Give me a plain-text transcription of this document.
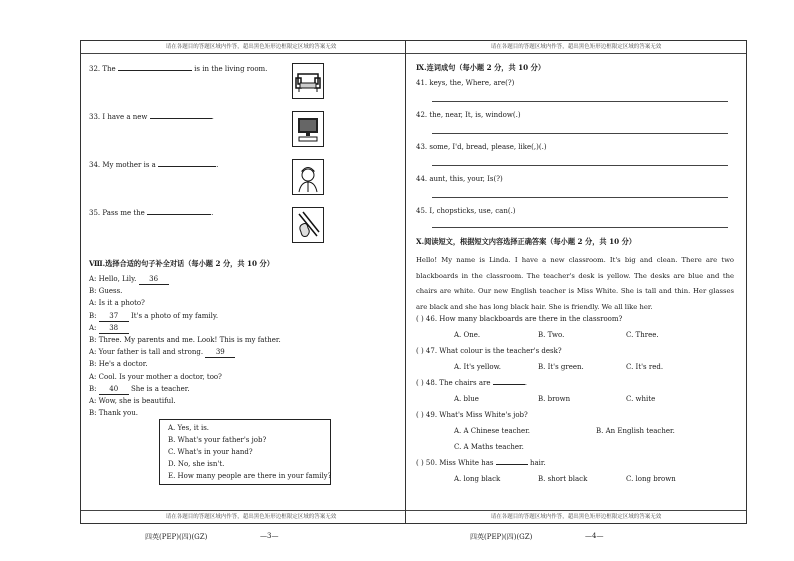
请在各题目的答题区域内作答，超出黑色矩形边框限定区域的答案无效
32. The	is in the living room.
33. I have a new	.
34. My mother is a	.
35. Pass me the	.
Ⅷ.选择合适的句子补全对话（每小题 2 分，共 10 分）
A. Yes, it is.
B. What's your father's job?
C. What's in your hand?
D. No, she isn't.
E. How many people are there in your family?
请在各题目的答题区域内作答，超出黑色矩形边框限定区域的答案无效
A: Hello, Lily. 36
B: Guess.
A: Is it a photo?
B: 37 It's a photo of my family.
A: 38
B: Three. My parents and me. Look! This is my father.
A: Your father is tall and strong. 39
B: He's a doctor.
A: Cool. Is your mother a doctor, too?
B: 40 She is a teacher.
A: Wow, she is beautiful.
B: Thank you.
四英(PEP)(四)(GZ)	—3—
请在各题目的答题区域内作答，超出黑色矩形边框限定区域的答案无效
Ⅸ.连词成句（每小题 2 分，共 10 分）
41. keys, the, Where, are(?)
42. the, near, It, is, window(.)
43. some, I'd, bread, please, like(,)(.)
44. aunt, this, your, Is(?)
45. I, chopsticks, use, can(.)
Ⅹ.阅读短文，根据短文内容选择正确答案（每小题 2 分，共 10 分）
Hello! My name is Linda. I have a new classroom. It's big and clean. There are two blackboards in the classroom. The teacher's desk is yellow. The desks are blue and the chairs are white. Our new English teacher is Miss White. She is tall and thin. Her glasses are black and she has long black hair. She is friendly. We all like her.
( ) 46. How many blackboards are there in the classroom?
A. One.	B. Two.	C. Three.
( ) 47. What colour is the teacher's desk?
A. It's yellow.	B. It's green.	C. It's red.
( ) 48. The chairs are	.
A. blue	B. brown	C. white
( ) 49. What's Miss White's job?
A. A Chinese teacher.	B. An English teacher.
C. A Maths teacher.
( ) 50. Miss White has	hair.
A. long black	B. short black	C. long brown
请在各题目的答题区域内作答，超出黑色矩形边框限定区域的答案无效
四英(PEP)(四)(GZ)	—4—
